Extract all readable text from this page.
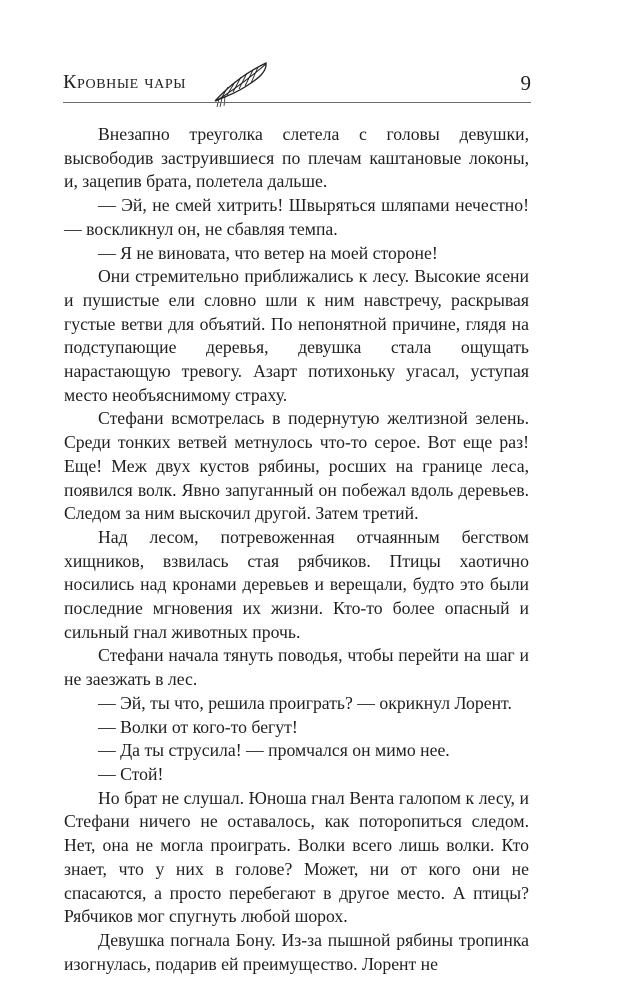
Кровные чары	9

Внезапно треуголка слетела с головы девушки, высвободив заструившиеся по плечам каштановые локоны, и, зацепив брата, полетела дальше.

— Эй, не смей хитрить! Швыряться шляпами нечестно! — воскликнул он, не сбавляя темпа.

— Я не виновата, что ветер на моей стороне!

Они стремительно приближались к лесу. Высокие ясени и пушистые ели словно шли к ним навстречу, раскрывая густые ветви для объятий. По непонятной причине, глядя на подступающие деревья, девушка стала ощущать нарастающую тревогу. Азарт потихоньку угасал, уступая место необъяснимому страху.

Стефани всмотрелась в подернутую желтизной зелень. Среди тонких ветвей метнулось что-то серое. Вот еще раз! Еще! Меж двух кустов рябины, росших на границе леса, появился волк. Явно запуганный он побежал вдоль деревьев. Следом за ним выскочил другой. Затем третий.

Над лесом, потревоженная отчаянным бегством хищников, взвилась стая рябчиков. Птицы хаотично носились над кронами деревьев и верещали, будто это были последние мгновения их жизни. Кто-то более опасный и сильный гнал животных прочь.

Стефани начала тянуть поводья, чтобы перейти на шаг и не заезжать в лес.

— Эй, ты что, решила проиграть? — окрикнул Лорент.

— Волки от кого-то бегут!

— Да ты струсила! — промчался он мимо нее.

— Стой!

Но брат не слушал. Юноша гнал Вента галопом к лесу, и Стефани ничего не оставалось, как поторопиться следом. Нет, она не могла проиграть. Волки всего лишь волки. Кто знает, что у них в голове? Может, ни от кого они не спасаются, а просто перебегают в другое место. А птицы? Рябчиков мог спугнуть любой шорох.

Девушка погнала Бону. Из-за пышной рябины тропинка изогнулась, подарив ей преимущество. Лорент не
